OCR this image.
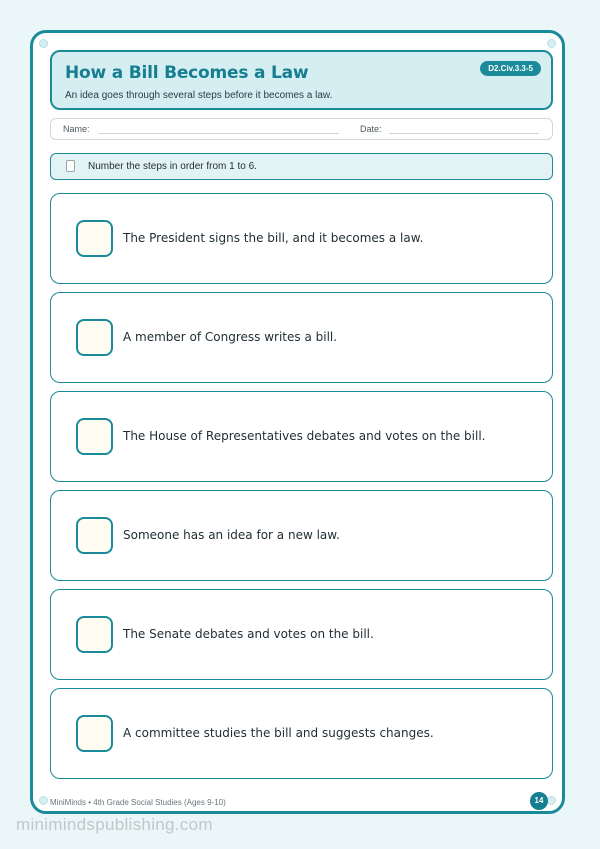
How a Bill Becomes a Law
An idea goes through several steps before it becomes a law.
D2.Civ.3.3-5
Name:	Date:
Number the steps in order from 1 to 6.
The President signs the bill, and it becomes a law.
A member of Congress writes a bill.
The House of Representatives debates and votes on the bill.
Someone has an idea for a new law.
The Senate debates and votes on the bill.
A committee studies the bill and suggests changes.
MiniMinds • 4th Grade Social Studies (Ages 9-10)	14
minimindspublishing.com
